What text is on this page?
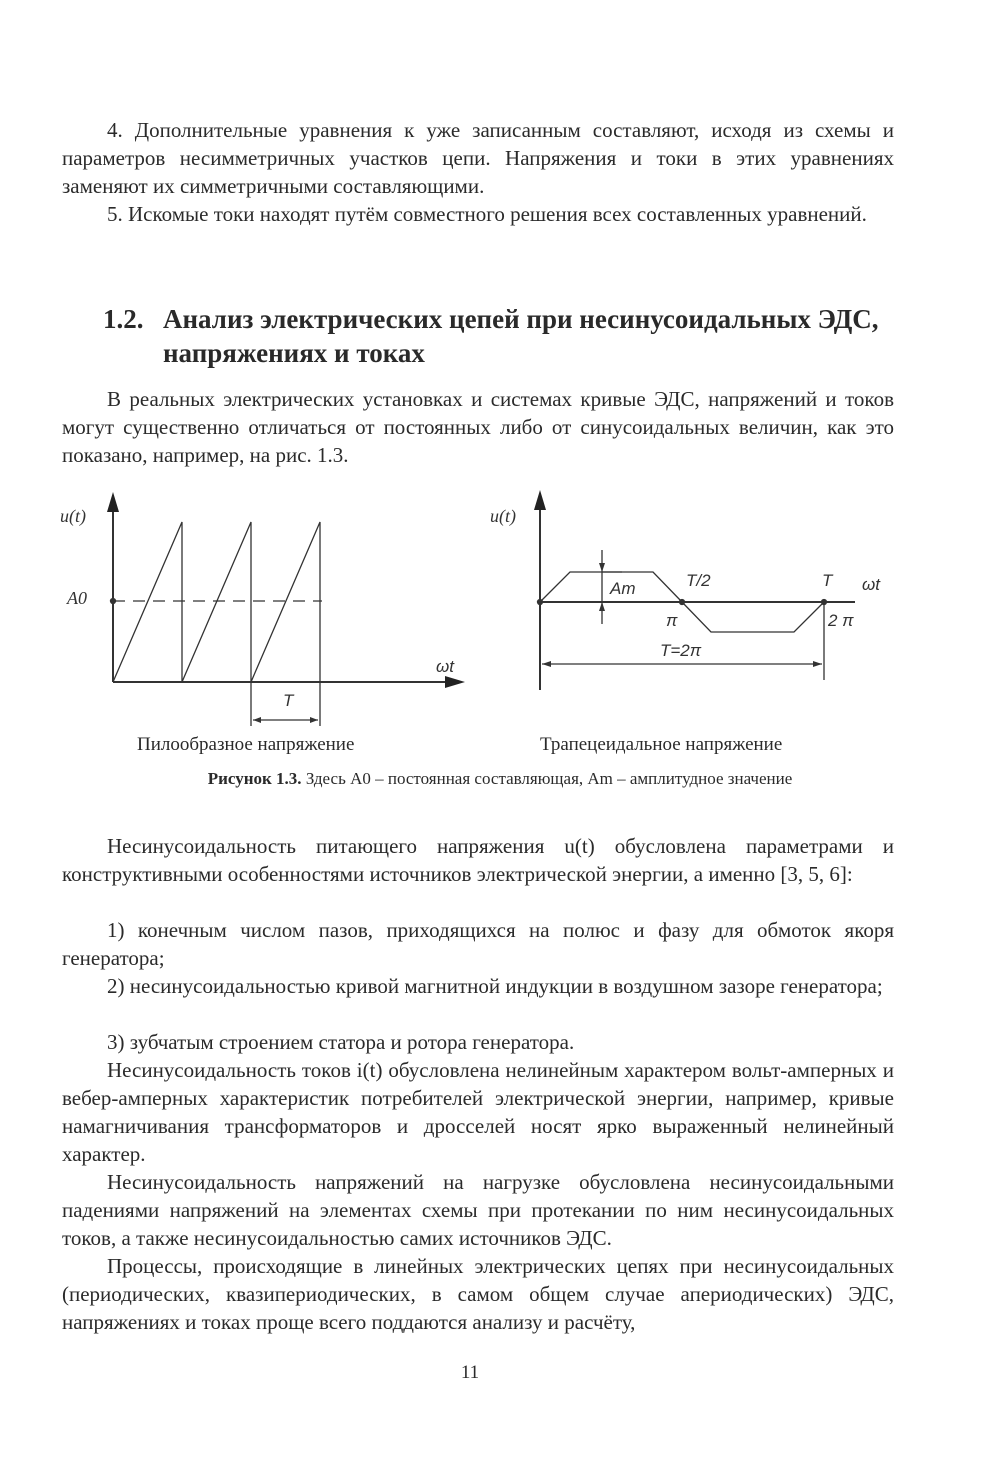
4. Дополнительные уравнения к уже записанным составляют, исходя из схемы и параметров несимметричных участков цепи. Напряжения и токи в этих уравнениях заменяют их симметричными составляющими.
5. Искомые токи находят путём совместного решения всех составленных уравнений.
1.2. Анализ электрических цепей при несинусоидальных ЭДС, напряжениях и токах
В реальных электрических установках и системах кривые ЭДС, напряжений и токов могут существенно отличаться от постоянных либо от синусоидальных величин, как это показано, например, на рис. 1.3.
u(t)
A0
ωt
T
u(t)
Am	T/2	T ωt
π	2 π
T=2π
Пилообразное напряжение	Трапецеидальное напряжение
Рисунок 1.3. Здесь A0 – постоянная составляющая, Am – амплитудное значение
Несинусоидальность питающего напряжения u(t) обусловлена параметрами и конструктивными особенностями источников электрической энергии, а именно [3, 5, 6]:
1) конечным числом пазов, приходящихся на полюс и фазу для обмоток якоря генератора;
2) несинусоидальностью кривой магнитной индукции в воздушном зазоре генератора;
3) зубчатым строением статора и ротора генератора.
Несинусоидальность токов i(t) обусловлена нелинейным характером вольт-амперных и вебер-амперных характеристик потребителей электрической энергии, например, кривые намагничивания трансформаторов и дросселей носят ярко выраженный нелинейный характер.
Несинусоидальность напряжений на нагрузке обусловлена несинусоидальными падениями напряжений на элементах схемы при протекании по ним несинусоидальных токов, а также несинусоидальностью самих источников ЭДС.
Процессы, происходящие в линейных электрических цепях при несинусоидальных (периодических, квазипериодических, в самом общем случае апериодических) ЭДС, напряжениях и токах проще всего поддаются анализу и расчёту,
11
